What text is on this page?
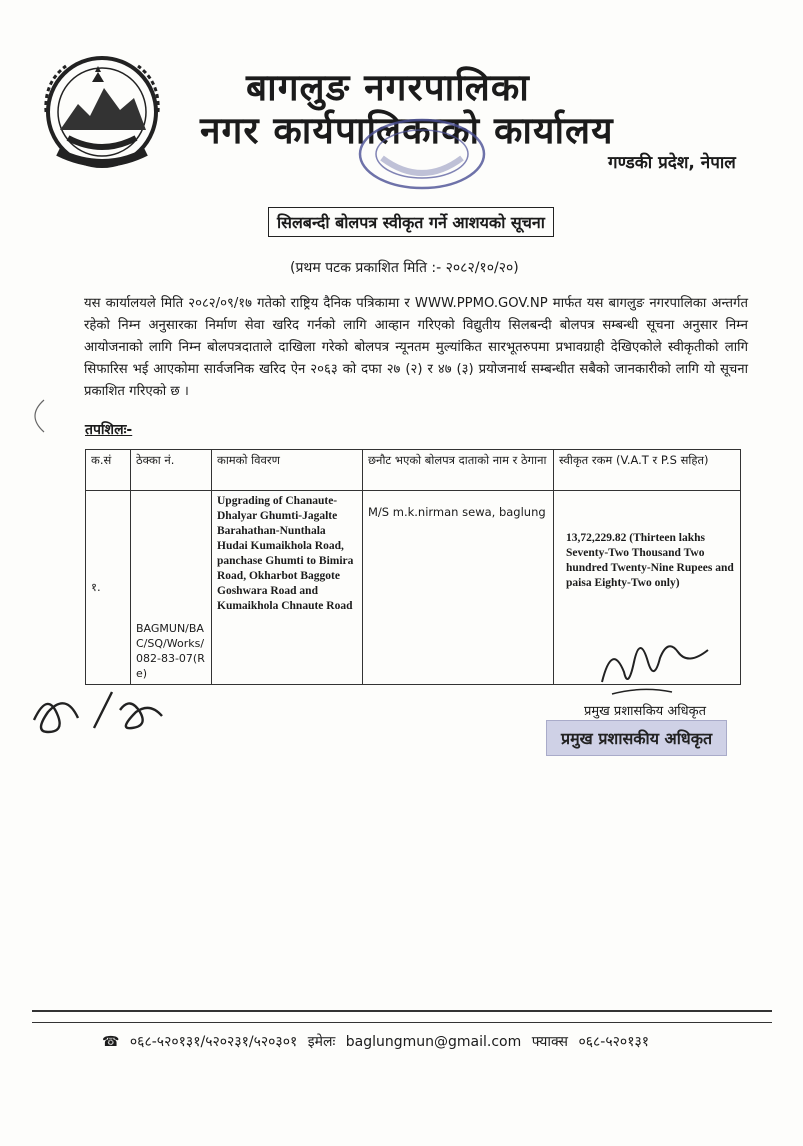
बागलुङ नगरपालिका
नगर कार्यपालिकाको कार्यालय
गण्डकी प्रदेश, नेपाल
सिलबन्दी बोलपत्र स्वीकृत गर्ने आशयको सूचना
(प्रथम पटक प्रकाशित मिति :- २०८२/१०/२०)
यस कार्यालयले मिति २०८२/०९/१७ गतेको राष्ट्रिय दैनिक पत्रिकामा र WWW.PPMO.GOV.NP मार्फत यस बागलुङ नगरपालिका अन्तर्गत रहेको निम्न अनुसारका निर्माण सेवा खरिद गर्नको लागि आव्हान गरिएको विद्युतीय सिलबन्दी बोलपत्र सम्बन्धी सूचना अनुसार निम्न आयोजनाको लागि निम्न बोलपत्रदाताले दाखिला गरेको बोलपत्र न्यूनतम मुल्यांकित सारभूतरुपमा प्रभावग्राही देखिएकोले स्वीकृतीको लागि सिफारिस भई आएकोमा सार्वजनिक खरिद ऐन २०६३ को दफा २७ (२) र ४७ (३) प्रयोजनार्थ सम्बन्धीत सबैको जानकारीको लागि यो सूचना प्रकाशित गरिएको छ ।
तपशिलः-
क.सं	ठेक्का नं.	कामको विवरण	छनौट भएको बोलपत्र दाताको नाम र ठेगाना	स्वीकृत रकम (V.A.T र P.S सहित)
१.	BAGMUN/BAC/SQ/Works/082-83-07(Re)	Upgrading of Chanaute-Dhalyar Ghumti-Jagalte Barahathan-Nunthala Hudai Kumaikhola Road, panchase Ghumti to Bimira Road, Okharbot Baggote Goshwara Road and Kumaikhola Chnaute Road	M/S m.k.nirman sewa, baglung	13,72,229.82 (Thirteen lakhs Seventy-Two Thousand Two hundred Twenty-Nine Rupees and paisa Eighty-Two only)
प्रमुख प्रशासकिय अधिकृत
प्रमुख प्रशासकीय अधिकृत
☎ ०६८-५२०१३१/५२०२३१/५२०३०१ इमेलः baglungmun@gmail.com फ्याक्स ०६८-५२०१३१
